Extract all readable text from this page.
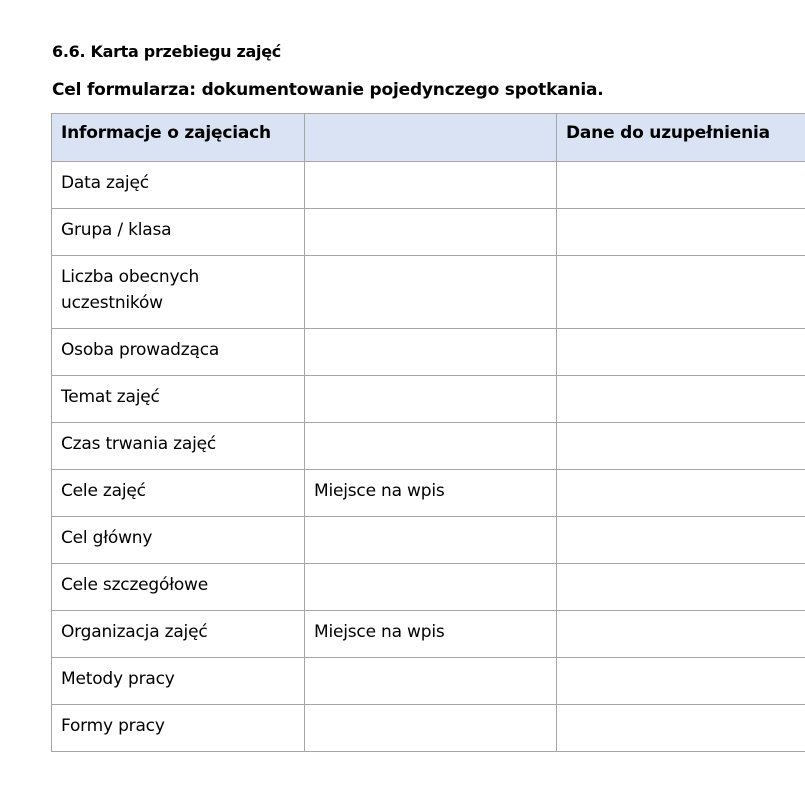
6.6. Karta przebiegu zajęć
Cel formularza: dokumentowanie pojedynczego spotkania.
Informacje o zajęciach		Dane do uzupełnienia
Data zajęć		
Grupa / klasa		
Liczba obecnych uczestników		
Osoba prowadząca		
Temat zajęć		
Czas trwania zajęć		
Cele zajęć	Miejsce na wpis	
Cel główny		
Cele szczegółowe		
Organizacja zajęć	Miejsce na wpis	
Metody pracy		
Formy pracy		
